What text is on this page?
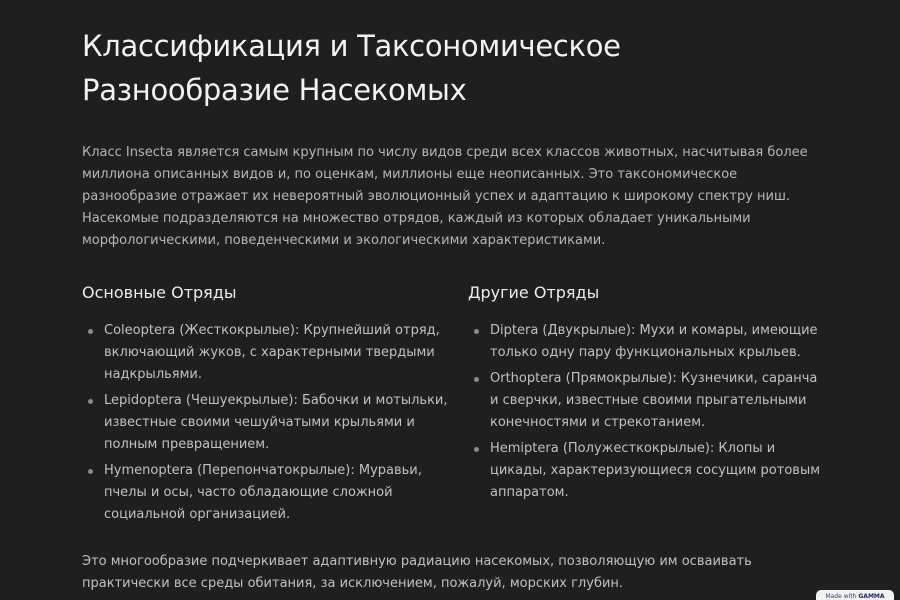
Классификация и Таксономическое Разнообразие Насекомых

Класс Insecta является самым крупным по числу видов среди всех классов животных, насчитывая более миллиона описанных видов и, по оценкам, миллионы еще неописанных. Это таксономическое разнообразие отражает их невероятный эволюционный успех и адаптацию к широкому спектру ниш. Насекомые подразделяются на множество отрядов, каждый из которых обладает уникальными морфологическими, поведенческими и экологическими характеристиками.

Основные Отряды
Coleoptera (Жесткокрылые): Крупнейший отряд, включающий жуков, с характерными твердыми надкрыльями.
Lepidoptera (Чешуекрылые): Бабочки и мотыльки, известные своими чешуйчатыми крыльями и полным превращением.
Hymenoptera (Перепончатокрылые): Муравьи, пчелы и осы, часто обладающие сложной социальной организацией.
Другие Отряды
Diptera (Двукрылые): Мухи и комары, имеющие только одну пару функциональных крыльев.
Orthoptera (Прямокрылые): Кузнечики, саранча и сверчки, известные своими прыгательными конечностями и стрекотанием.
Hemiptera (Полужесткокрылые): Клопы и цикады, характеризующиеся сосущим ротовым аппаратом.

Это многообразие подчеркивает адаптивную радиацию насекомых, позволяющую им осваивать практически все среды обитания, за исключением, пожалуй, морских глубин.

Made with GAMMA
